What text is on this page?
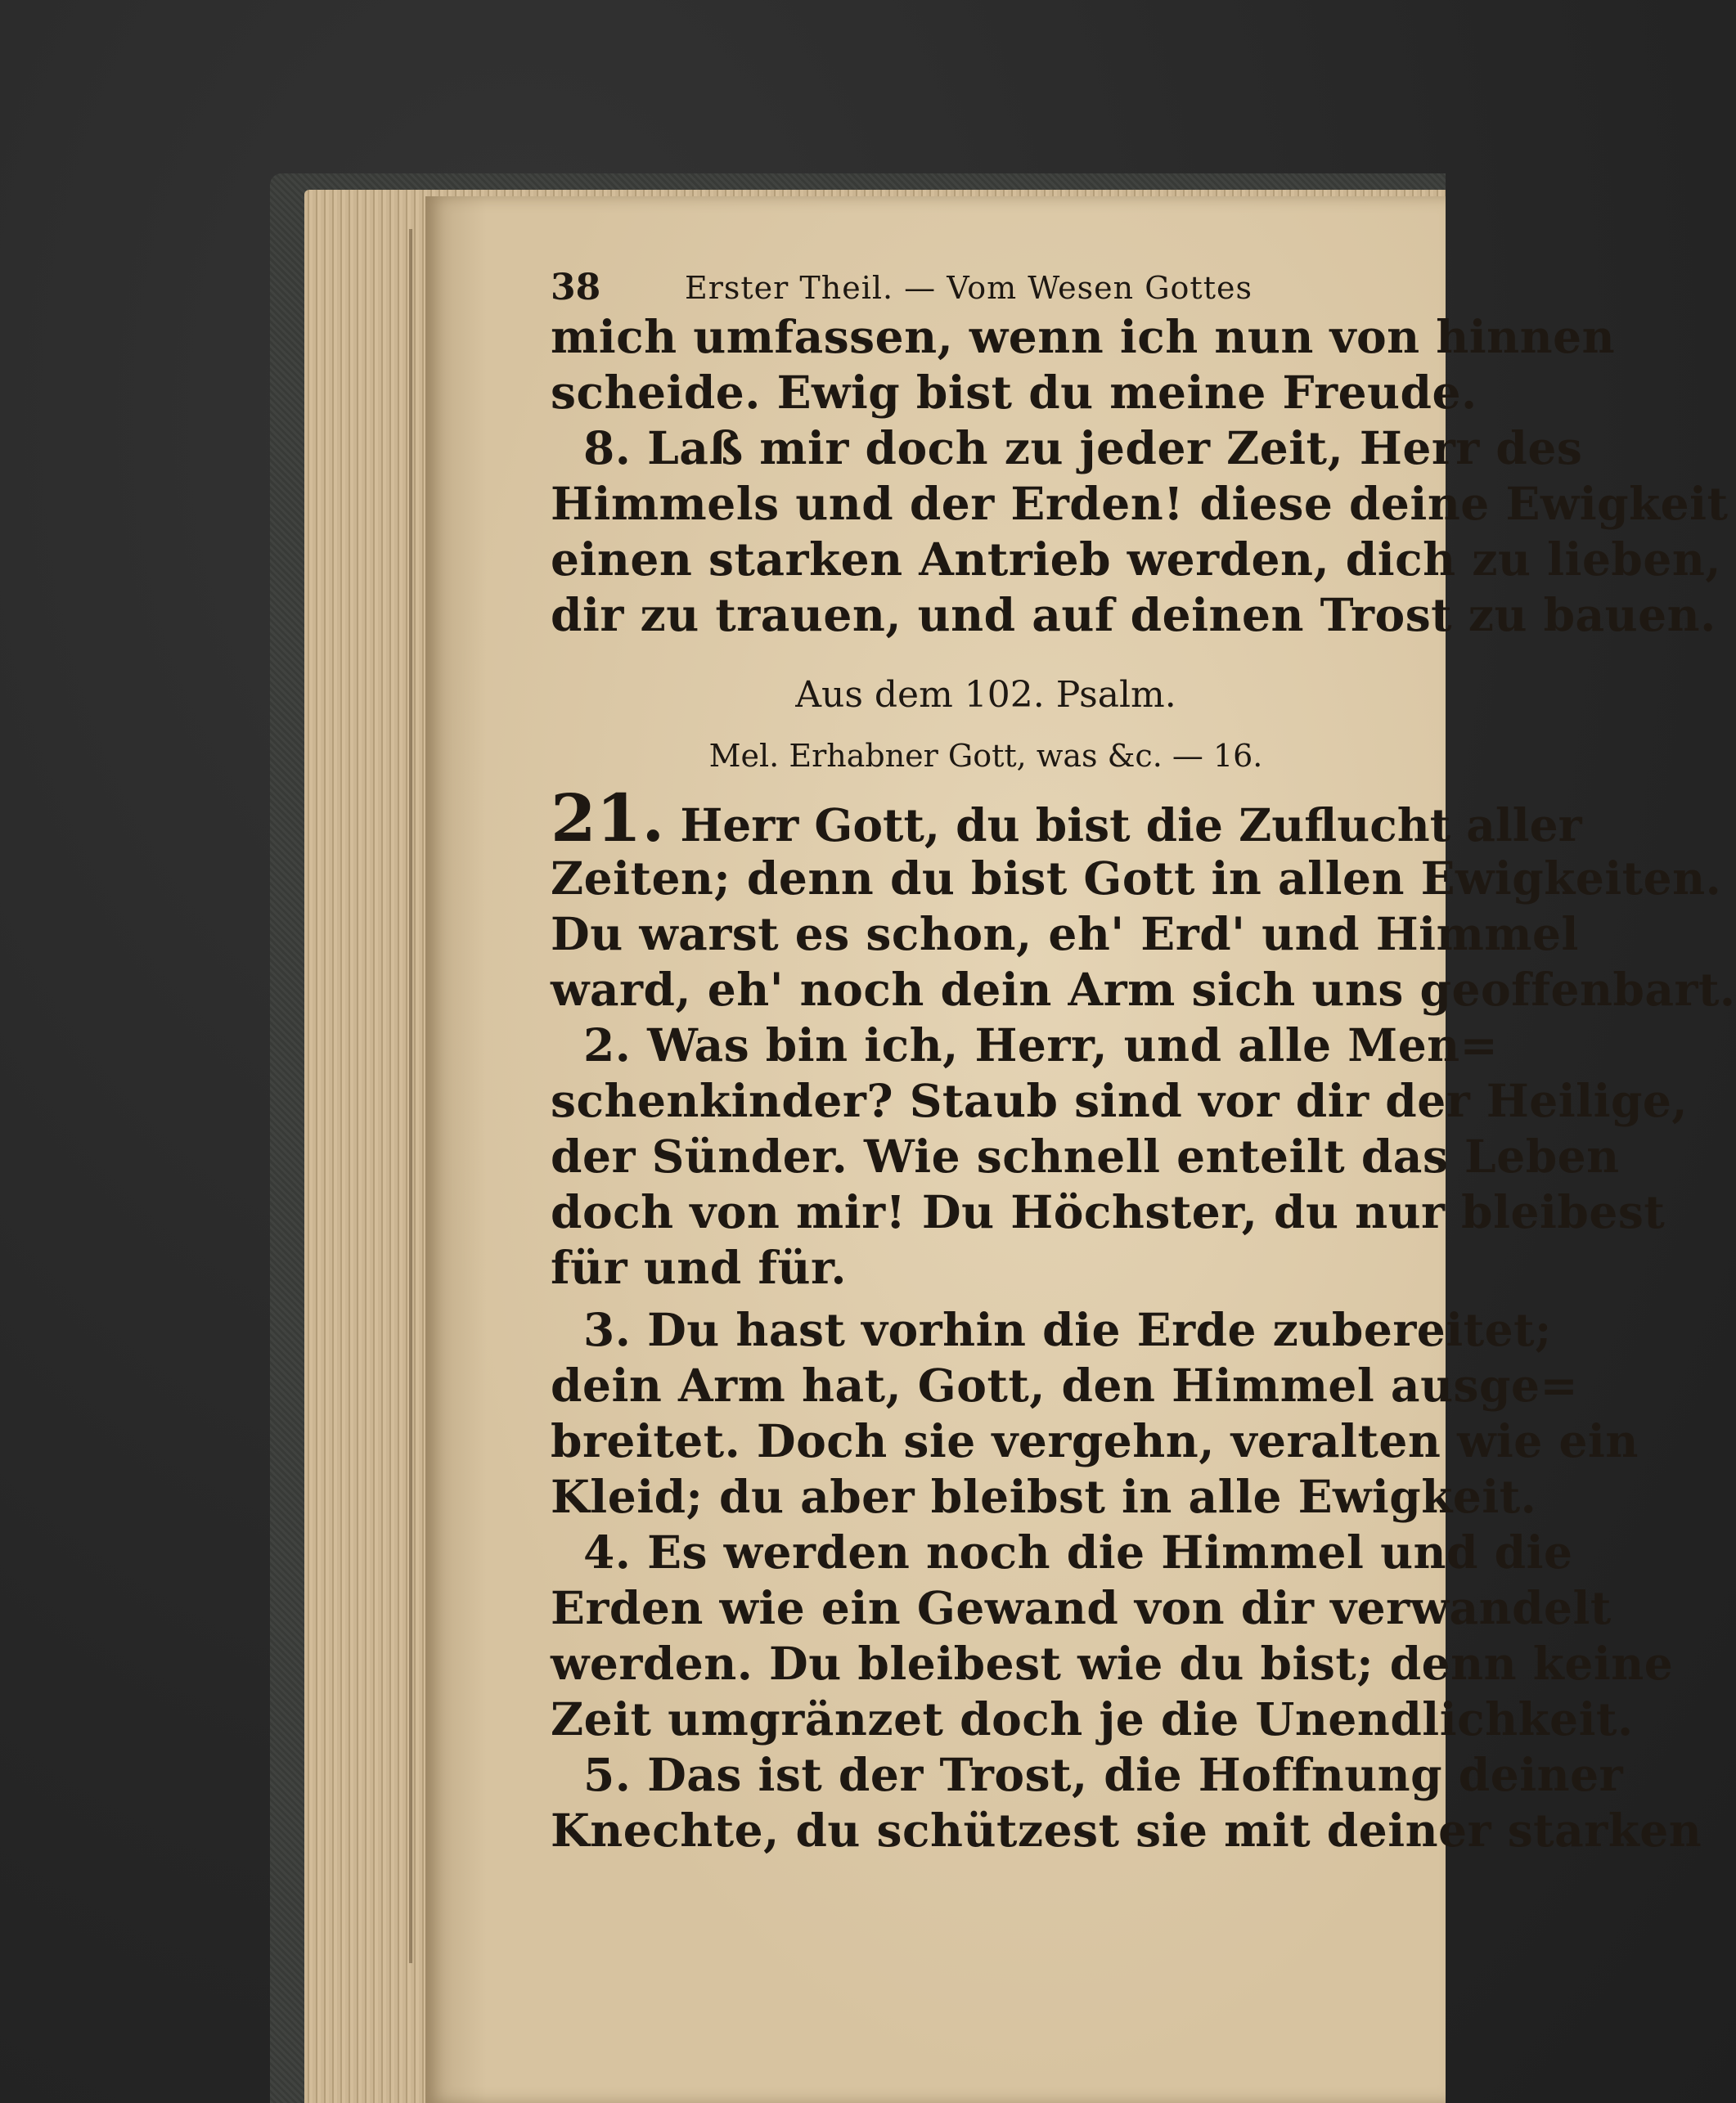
38	Erster Theil. — Vom Wesen Gottes
mich umfassen, wenn ich nun von hinnen
scheide. Ewig bist du meine Freude.
8. Laß mir doch zu jeder Zeit, Herr des
Himmels und der Erden! diese deine Ewigkeit
einen starken Antrieb werden, dich zu lieben,
dir zu trauen, und auf deinen Trost zu bauen.
Aus dem 102. Psalm.
Mel. Erhabner Gott, was &c. — 16.
21. Herr Gott, du bist die Zuflucht aller
Zeiten; denn du bist Gott in allen Ewigkeiten.
Du warst es schon, eh' Erd' und Himmel
ward, eh' noch dein Arm sich uns geoffenbart.
2. Was bin ich, Herr, und alle Men=
schenkinder? Staub sind vor dir der Heilige,
der Sünder. Wie schnell enteilt das Leben
doch von mir! Du Höchster, du nur bleibest
für und für.
3. Du hast vorhin die Erde zubereitet;
dein Arm hat, Gott, den Himmel ausge=
breitet. Doch sie vergehn, veralten wie ein
Kleid; du aber bleibst in alle Ewigkeit.
4. Es werden noch die Himmel und die
Erden wie ein Gewand von dir verwandelt
werden. Du bleibest wie du bist; denn keine
Zeit umgränzet doch je die Unendlichkeit.
5. Das ist der Trost, die Hoffnung deiner
Knechte, du schützest sie mit deiner starken
